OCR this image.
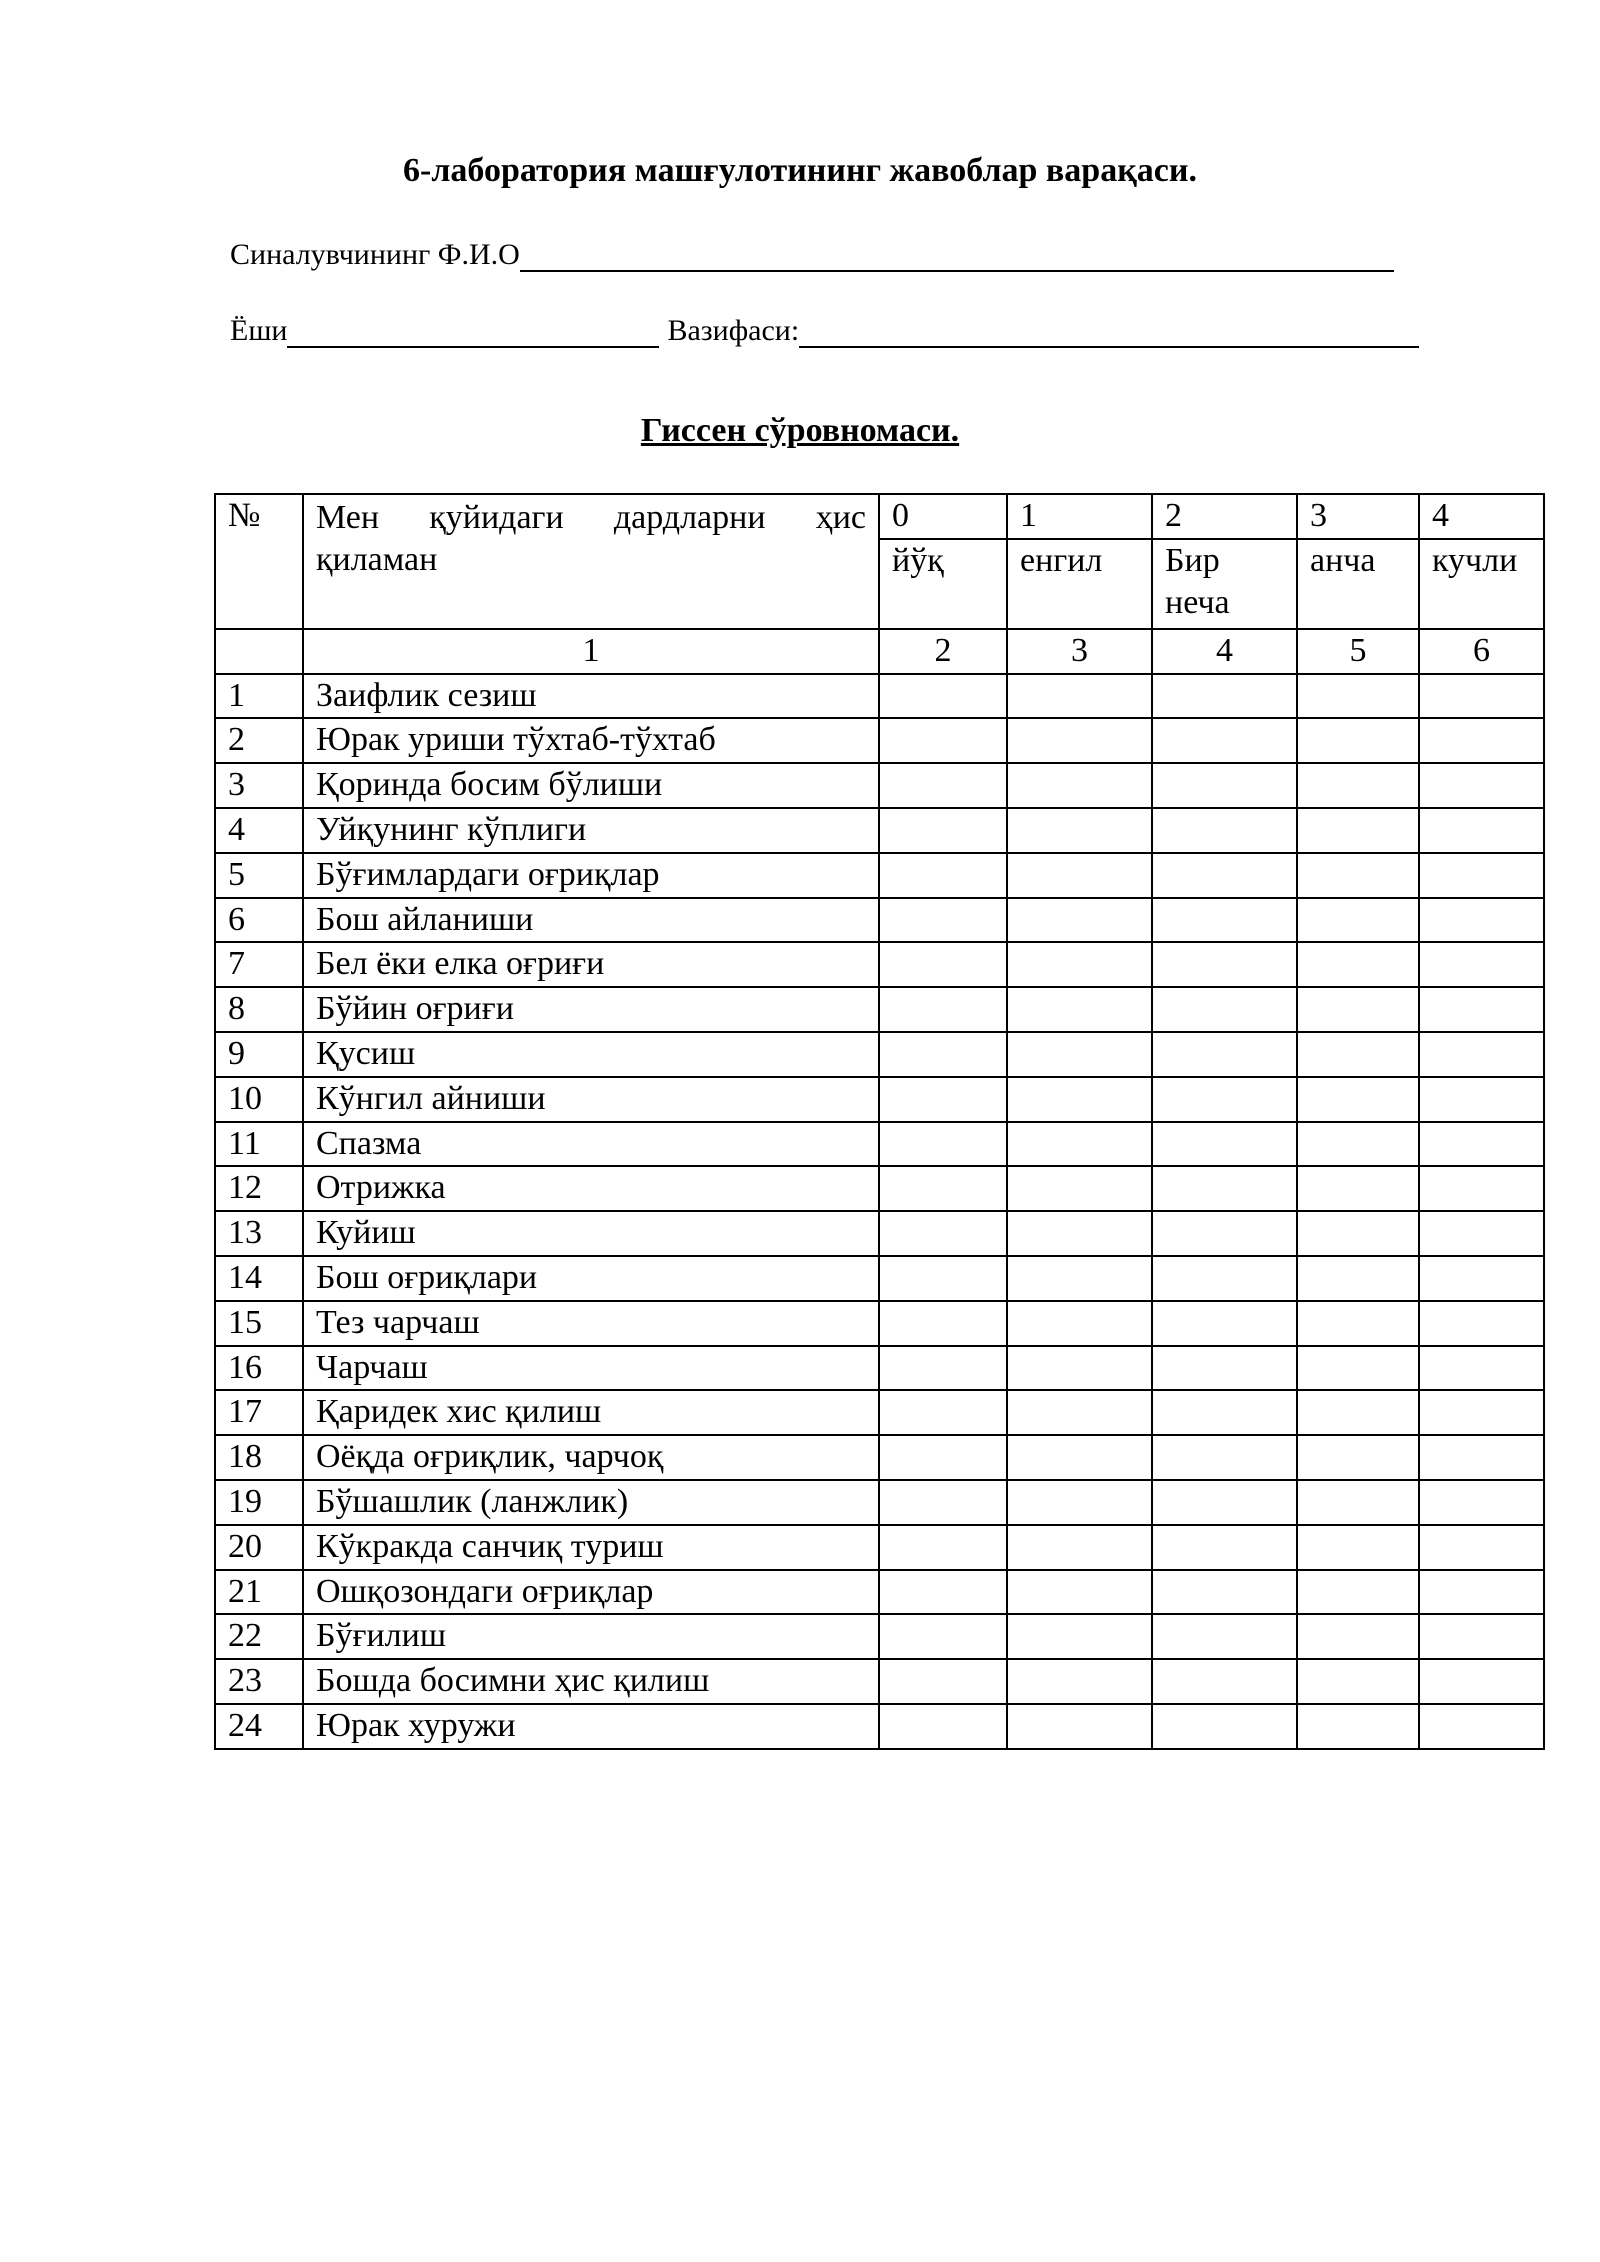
6-лаборатория машғулотининг жавоблар варақаси.
Синалувчининг Ф.И.О
Ёши	Вазифаси:
Гиссен сўровномаси.
№	Мен қуйидаги дардларни ҳис қиламан	0	1	2	3	4
		йўқ	енгил	Бир неча	анча	кучли
	1	2	3	4	5	6
1	Заифлик сезиш					
2	Юрак уриши тўхтаб-тўхтаб					
3	Қоринда босим бўлиши					
4	Уйқунинг кўплиги					
5	Бўғимлардаги оғриқлар					
6	Бош айланиши					
7	Бел ёки елка оғриғи					
8	Бўйин оғриғи					
9	Қусиш					
10	Кўнгил айниши					
11	Спазма					
12	Отрижка					
13	Куйиш					
14	Бош оғриқлари					
15	Тез чарчаш					
16	Чарчаш					
17	Қаридек хис қилиш					
18	Оёқда оғриқлик, чарчоқ					
19	Бўшашлик (ланжлик)					
20	Кўкракда санчиқ туриш					
21	Ошқозондаги оғриқлар					
22	Бўғилиш					
23	Бошда босимни ҳис қилиш					
24	Юрак хуружи					
